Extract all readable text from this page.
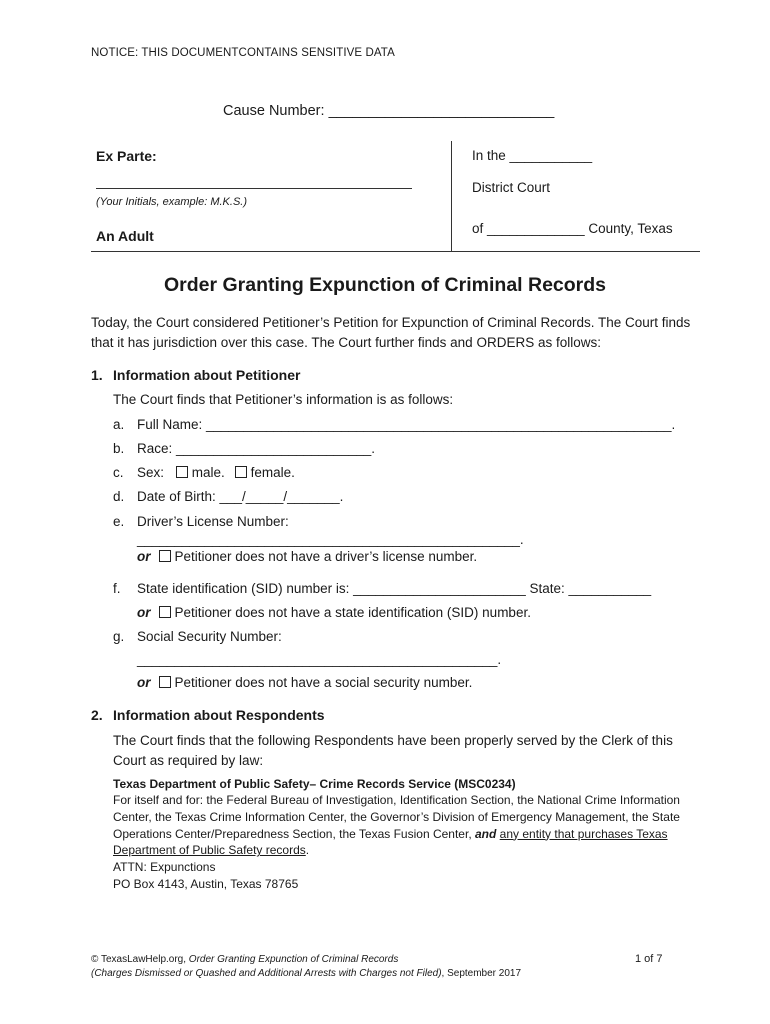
NOTICE: THIS DOCUMENTCONTAINS SENSITIVE DATA
Cause Number: ____________________________
Ex Parte:
(Your Initials, example: M.K.S.)
An Adult
In the ___________
District Court
of _____________ County, Texas
Order Granting Expunction of Criminal Records
Today, the Court considered Petitioner’s Petition for Expunction of Criminal Records. The Court finds that it has jurisdiction over this case. The Court further finds and ORDERS as follows:
1. Information about Petitioner
The Court finds that Petitioner’s information is as follows:
a. Full Name: ______________________________________________________________.
b. Race: __________________________.
c. Sex: male. female.
d. Date of Birth: ___/_____/_______.
e. Driver’s License Number:
___________________________________________________.
or Petitioner does not have a driver’s license number.
f. State identification (SID) number is: _______________________ State: ___________
or Petitioner does not have a state identification (SID) number.
g. Social Security Number:
________________________________________________.
or Petitioner does not have a social security number.
2. Information about Respondents
The Court finds that the following Respondents have been properly served by the Clerk of this Court as required by law:
Texas Department of Public Safety– Crime Records Service (MSC0234)
For itself and for: the Federal Bureau of Investigation, Identification Section, the National Crime Information Center, the Texas Crime Information Center, the Governor’s Division of Emergency Management, the State Operations Center/Preparedness Section, the Texas Fusion Center, and any entity that purchases Texas Department of Public Safety records.
ATTN: Expunctions
PO Box 4143, Austin, Texas 78765
© TexasLawHelp.org, Order Granting Expunction of Criminal Records
(Charges Dismissed or Quashed and Additional Arrests with Charges not Filed), September 2017
1 of 7
